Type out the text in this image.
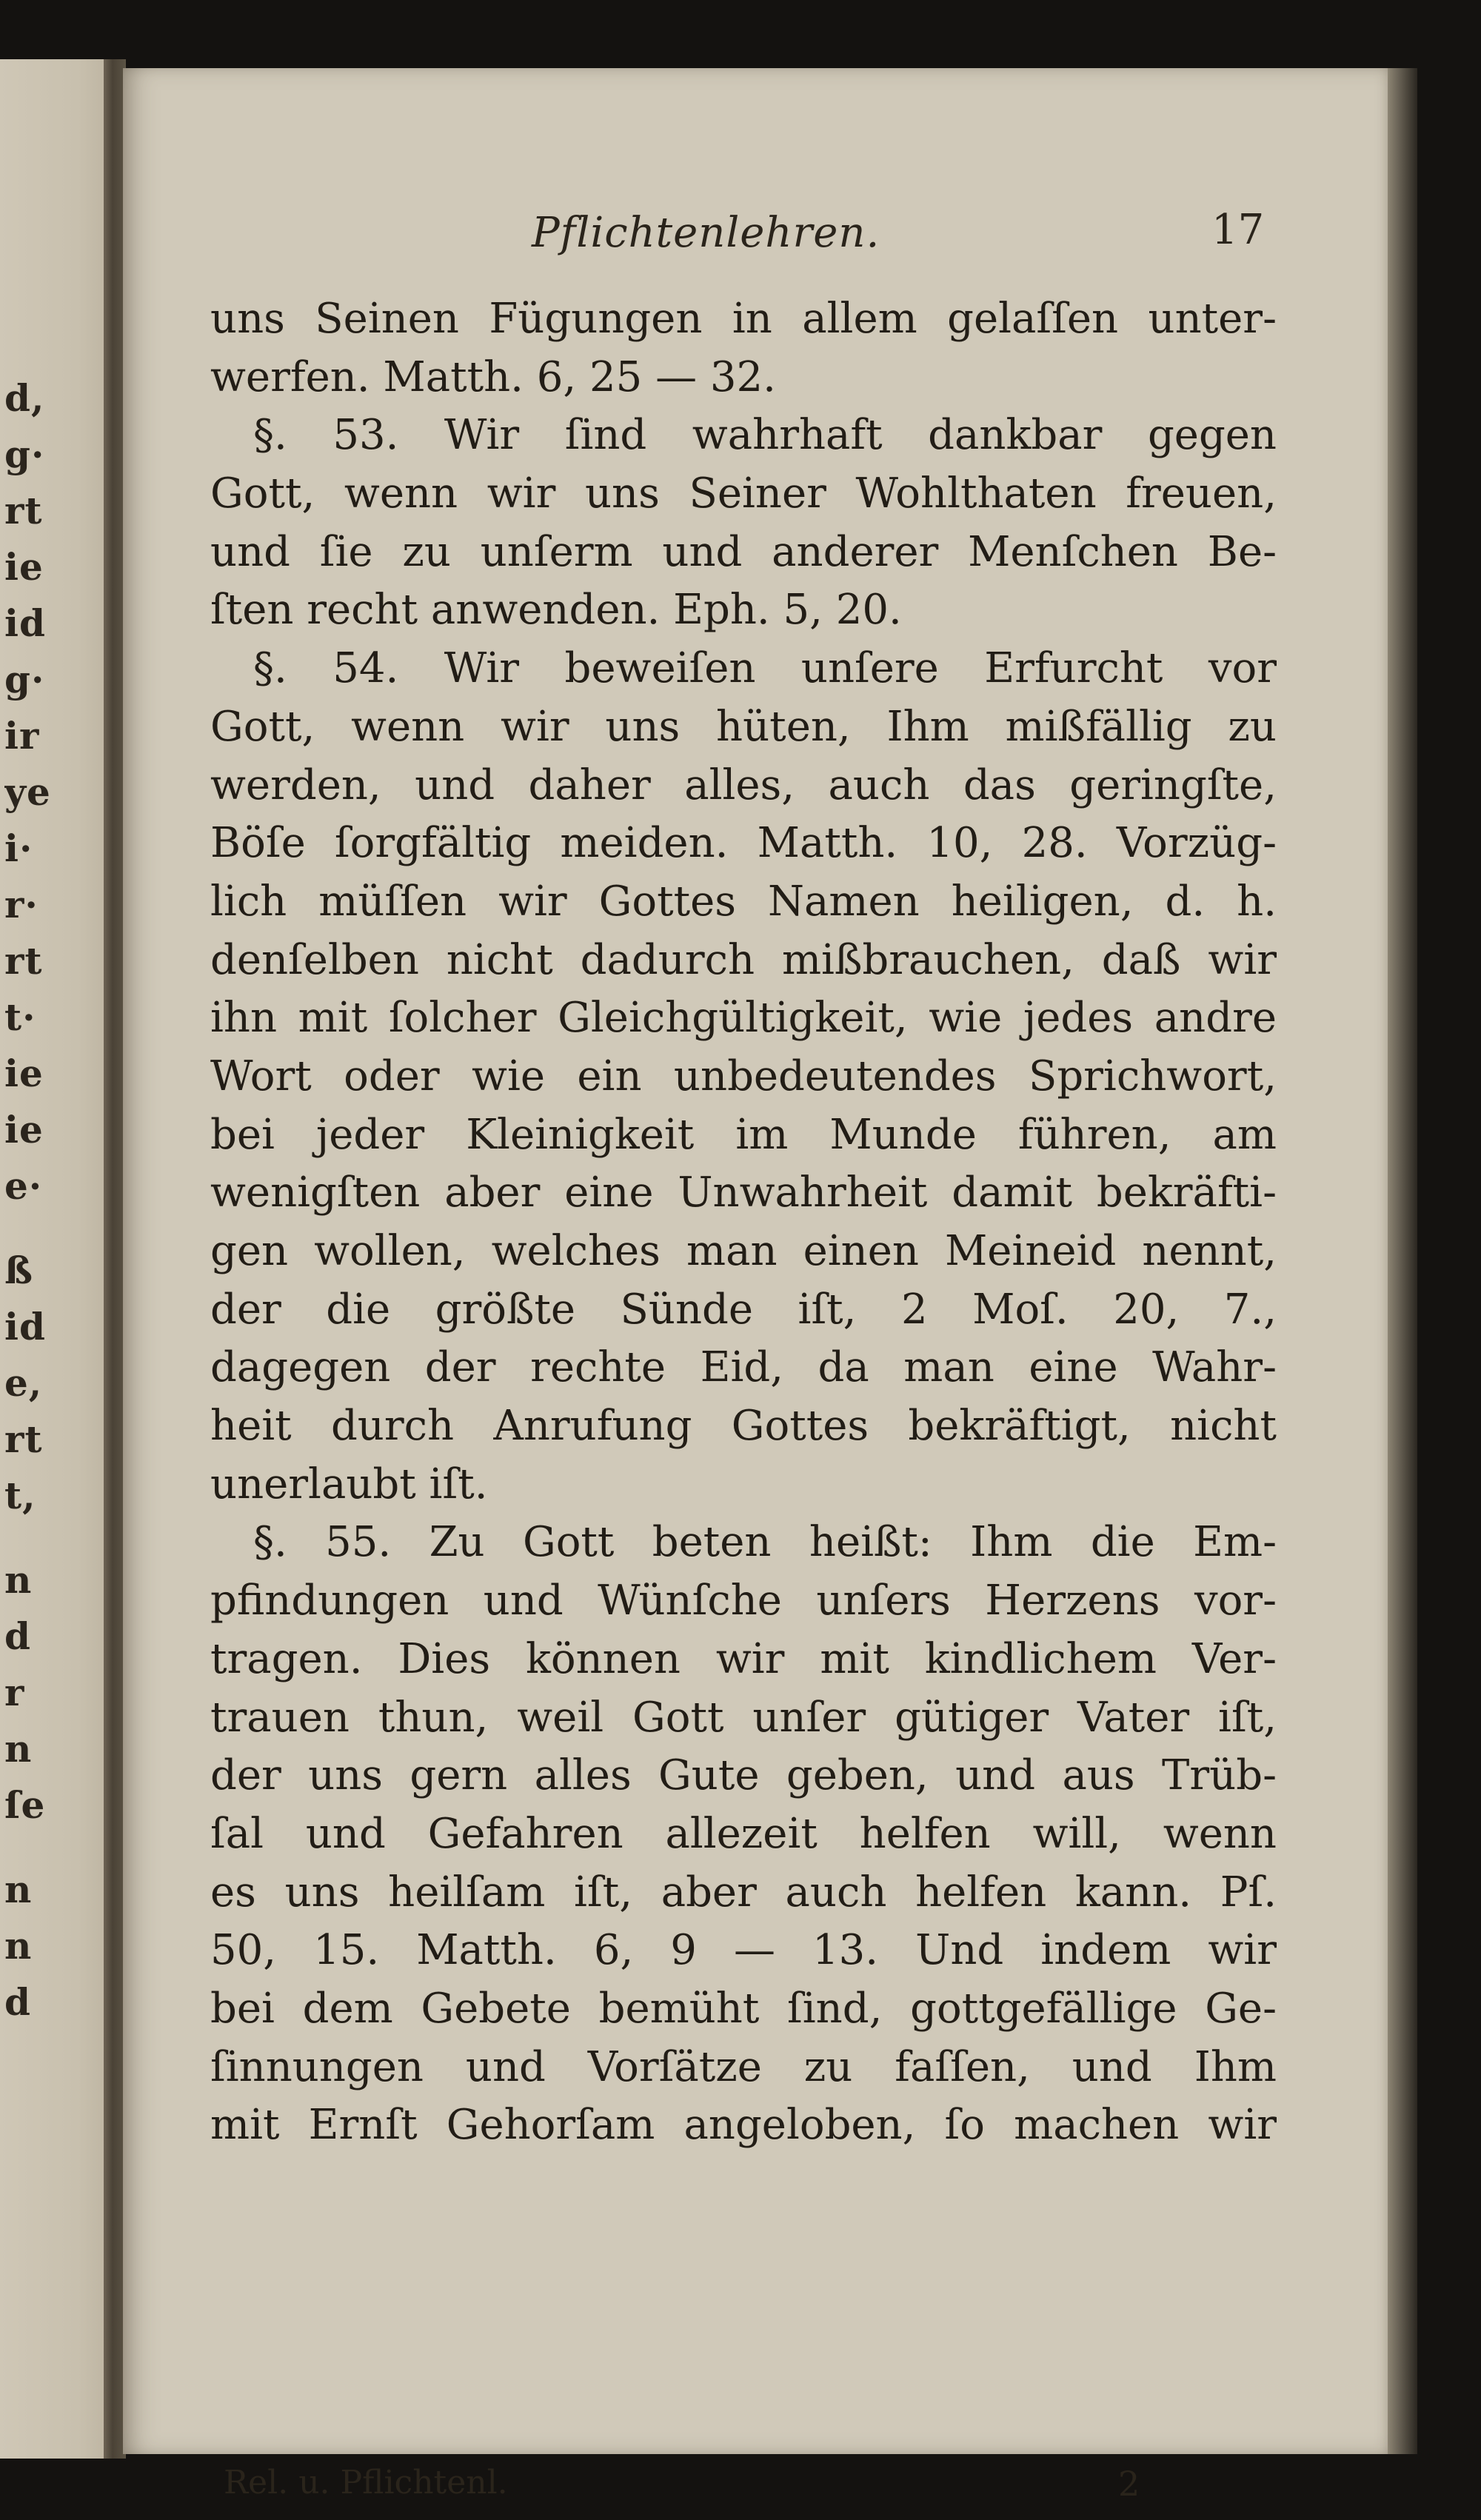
d,
g·
rt
ie
id
g·
ir
ye
i·
r·
rt
t·
ie
ie
e·
ß
id
e,
rt
t,
n
d
r
n
ſe
n
n
d
Pflichtenlehren.	17
uns Seinen Fügungen in allem gelaſſen unter-
werfen. Matth. 6, 25 — 32.
§. 53. Wir ſind wahrhaft dankbar gegen
Gott, wenn wir uns Seiner Wohlthaten freuen,
und ſie zu unſerm und anderer Menſchen Be-
ſten recht anwenden. Eph. 5, 20.
§. 54. Wir beweiſen unſere Erfurcht vor
Gott, wenn wir uns hüten, Ihm mißfällig zu
werden, und daher alles, auch das geringſte,
Böſe ſorgfältig meiden. Matth. 10, 28. Vorzüg-
lich müſſen wir Gottes Namen heiligen, d. h.
denſelben nicht dadurch mißbrauchen, daß wir
ihn mit ſolcher Gleichgültigkeit, wie jedes andre
Wort oder wie ein unbedeutendes Sprichwort,
bei jeder Kleinigkeit im Munde führen, am
wenigſten aber eine Unwahrheit damit bekräfti-
gen wollen, welches man einen Meineid nennt,
der die größte Sünde iſt, 2 Moſ. 20, 7.,
dagegen der rechte Eid, da man eine Wahr-
heit durch Anrufung Gottes bekräftigt, nicht
unerlaubt iſt.
§. 55. Zu Gott beten heißt: Ihm die Em-
pfindungen und Wünſche unſers Herzens vor-
tragen. Dies können wir mit kindlichem Ver-
trauen thun, weil Gott unſer gütiger Vater iſt,
der uns gern alles Gute geben, und aus Trüb-
ſal und Gefahren allezeit helfen will, wenn
es uns heilſam iſt, aber auch helfen kann. Pſ.
50, 15. Matth. 6, 9 — 13. Und indem wir
bei dem Gebete bemüht ſind, gottgefällige Ge-
ſinnungen und Vorſätze zu faſſen, und Ihm
mit Ernſt Gehorſam angeloben, ſo machen wir
Rel. u. Pflichtenl.	2
